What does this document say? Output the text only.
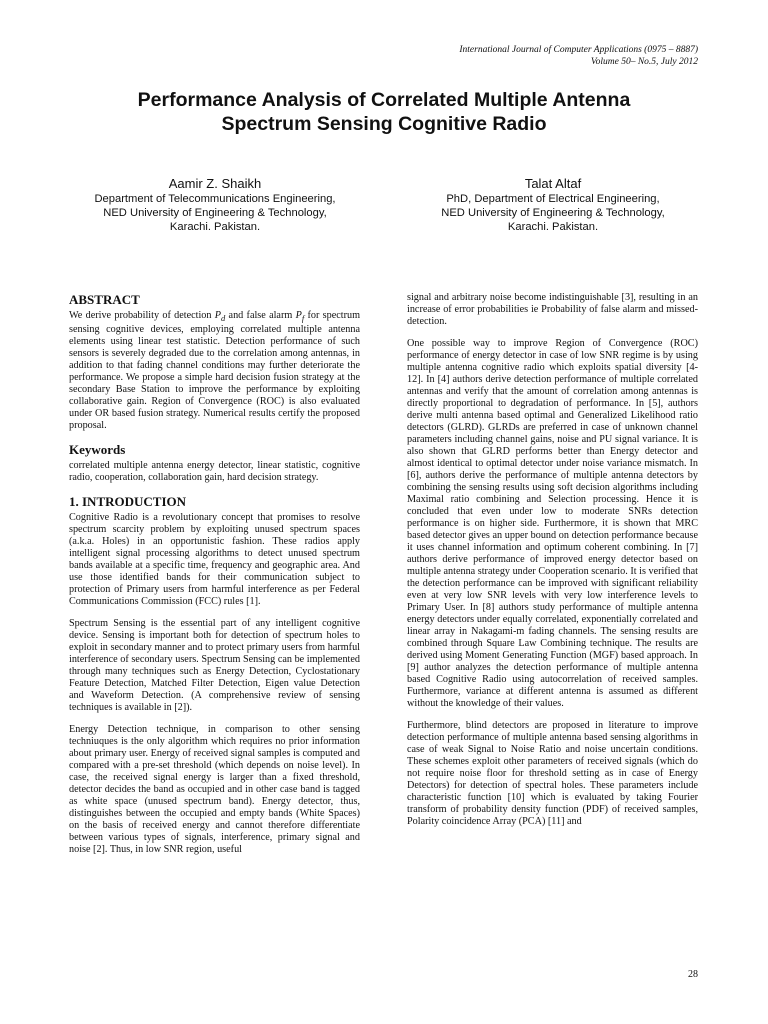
International Journal of Computer Applications (0975 – 8887)
Volume 50– No.5, July 2012
Performance Analysis of Correlated Multiple Antenna
Spectrum Sensing Cognitive Radio
Aamir Z. Shaikh
Department of Telecommunications Engineering,
NED University of Engineering & Technology,
Karachi. Pakistan.
Talat Altaf
PhD, Department of Electrical Engineering,
NED University of Engineering & Technology,
Karachi. Pakistan.
ABSTRACT

We derive probability of detection $P_d$ and false alarm $P_f$ for spectrum sensing cognitive devices, employing correlated multiple antenna elements using linear test statistic. Detection performance of such sensors is severely degraded due to the correlation among antennas, in addition to that fading channel conditions may further deteriorate the performance. We propose a simple hard decision fusion strategy at the secondary Base Station to improve the performance by exploiting collaborative gain. Region of Convergence (ROC) is also evaluated under OR based fusion strategy. Numerical results certify the proposed proposal.

Keywords

correlated multiple antenna energy detector, linear statistic, cognitive radio, cooperation, collaboration gain, hard decision strategy.

1. INTRODUCTION

Cognitive Radio is a revolutionary concept that promises to resolve spectrum scarcity problem by exploiting unused spectrum spaces (a.k.a. Holes) in an opportunistic fashion. These radios apply intelligent signal processing algorithms to detect unused spectrum bands available at a specific time, frequency and geographic area. And use those identified bands for their communication subject to protection of Primary users from harmful interference as per Federal Communications Commission (FCC) rules [1].

Spectrum Sensing is the essential part of any intelligent cognitive device. Sensing is important both for detection of spectrum holes to exploit in secondary manner and to protect primary users from harmful interference of secondary users. Spectrum Sensing can be implemented through many techniques such as Energy Detection, Cyclostationary Feature Detection, Matched Filter Detection, Eigen value Detection and Waveform Detection. (A comprehensive review of sensing techniques is available in [2]).

Energy Detection technique, in comparison to other sensing techniuques is the only algorithm which requires no prior information about primary user. Energy of received signal samples is computed and compared with a pre-set threshold (which depends on noise level). In case, the received signal energy is larger than a fixed threshold, detector decides the band as occupied and in other case band is tagged as white space (unused spectrum band). Energy detector, thus, distinguishes between the occupied and empty bands (White Spaces) on the basis of received energy and cannot therefore differentiate between various types of signals, interference, primary signal and noise [2]. Thus, in low SNR region, useful

signal and arbitrary noise become indistinguishable [3], resulting in an increase of error probabilities ie Probability of false alarm and missed-detection.

One possible way to improve Region of Convergence (ROC) performance of energy detector in case of low SNR regime is by using multiple antenna cognitive radio which exploits spatial diversity [4-12]. In [4] authors derive detection performance of multiple correlated antennas and verify that the amount of correlation among antennas is directly proportional to degradation of performance. In [5], authors derive multi antenna based optimal and Generalized Likelihood ratio detectors (GLRD). GLRDs are preferred in case of unknown channel parameters including channel gains, noise and PU signal variance. It is also shown that GLRD performs better than Energy detector and almost identical to optimal detector under noise variance mismatch. In [6], authors derive the performance of multiple antenna detectors by combining the sensing results using soft decision algorithms including Maximal ratio combining and Selection processing. Hence it is concluded that even under low to moderate SNRs detection performance is on higher side. Furthermore, it is shown that MRC based detector gives an upper bound on detection performance because it uses channel information and optimum coherent combining. In [7] authors derive performance of improved energy detector based on multiple antenna strategy under Cooperation scenario. It is verified that the detection performance can be improved with significant reliability even at very low SNR levels with very low interference levels to Primary User. In [8] authors study performance of multiple antenna energy detectors under equally correlated, exponentially correlated and linear array in Nakagami-m fading channels. The sensing results are combined through Square Law Combining technique. The results are derived using Moment Generating Function (MGF) based approach. In [9] author analyzes the detection performance of multiple antenna based Cognitive Radio using autocorrelation of received samples. Furthermore, variance at different antenna is assumed as different without the knowledge of their values.

Furthermore, blind detectors are proposed in literature to improve detection performance of multiple antenna based sensing algorithms in case of weak Signal to Noise Ratio and noise uncertain conditions. These schemes exploit other parameters of received signals (which do not require noise floor for threshold setting as in case of Energy Detectors) for detection of spectral holes. These parameters include characteristic function [10] which is evaluated by taking Fourier transform of probability density function (PDF) of received samples, Polarity coincidence Array (PCA) [11] and

28
